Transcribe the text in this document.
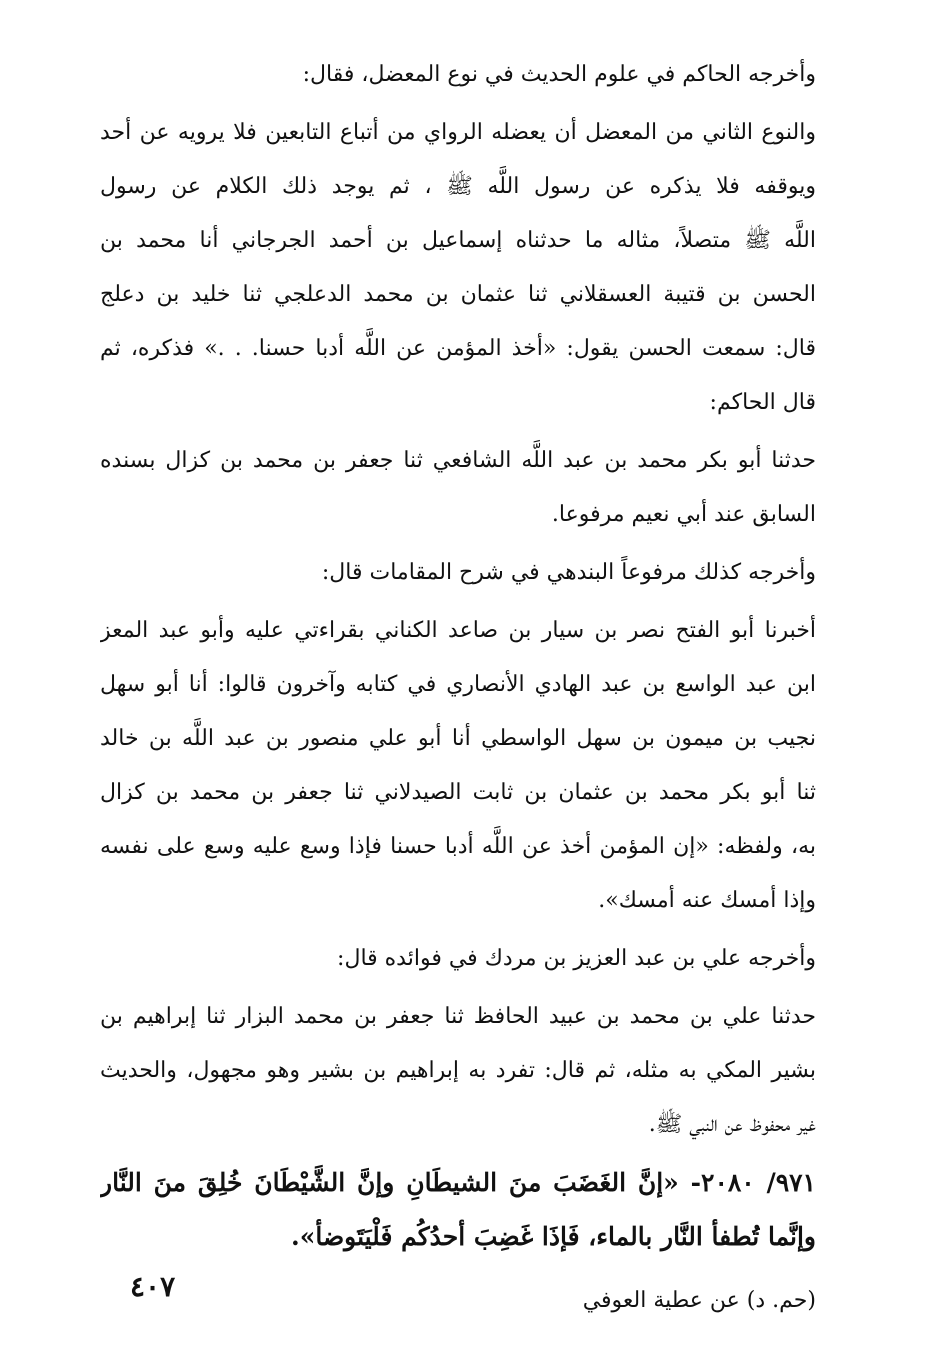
وأخرجه الحاكم في علوم الحديث في نوع المعضل، فقال:
والنوع الثاني من المعضل أن يعضله الرواي من أتباع التابعين فلا يرويه عن أحد
ويوقفه فلا يذكره عن رسول اللَّه ﷺ ، ثم يوجد ذلك الكلام عن رسول
اللَّه ﷺ متصلاً، مثاله ما حدثناه إسماعيل بن أحمد الجرجاني أنا محمد بن
الحسن بن قتيبة العسقلاني ثنا عثمان بن محمد الدعلجي ثنا خليد بن دعلج
قال: سمعت الحسن يقول: «أخذ المؤمن عن اللَّه أدبا حسنا. . .» فذكره، ثم
قال الحاكم:
حدثنا أبو بكر محمد بن عبد اللَّه الشافعي ثنا جعفر بن محمد بن كزال بسنده
السابق عند أبي نعيم مرفوعا.
وأخرجه كذلك مرفوعاً البندهي في شرح المقامات قال:
أخبرنا أبو الفتح نصر بن سيار بن صاعد الكناني بقراءتي عليه وأبو عبد المعز
ابن عبد الواسع بن عبد الهادي الأنصاري في كتابه وآخرون قالوا: أنا أبو سهل
نجيب بن ميمون بن سهل الواسطي أنا أبو علي منصور بن عبد اللَّه بن خالد
ثنا أبو بكر محمد بن عثمان بن ثابت الصيدلاني ثنا جعفر بن محمد بن كزال
به، ولفظه: «إن المؤمن أخذ عن اللَّه أدبا حسنا فإذا وسع عليه وسع على نفسه
وإذا أمسك عنه أمسك».
وأخرجه علي بن عبد العزيز بن مردك في فوائده قال:
حدثنا علي بن محمد بن عبيد الحافظ ثنا جعفر بن محمد البزار ثنا إبراهيم بن
بشير المكي به مثله، ثم قال: تفرد به إبراهيم بن بشير وهو مجهول، والحديث
غير محفوظ عن النبي ﷺ.
٩٧١/ ٢٠٨٠- «إنَّ الغَضَبَ منَ الشيطَانِ وإنَّ الشَّيْطَانَ خُلِقَ منَ النَّار
وإنَّما تُطفأ النَّار بالماء، فَإذَا غَضِبَ أحدُكُم فَلْيَتَوضأ».
(حم. د) عن عطية العوفي
٤٠٧
